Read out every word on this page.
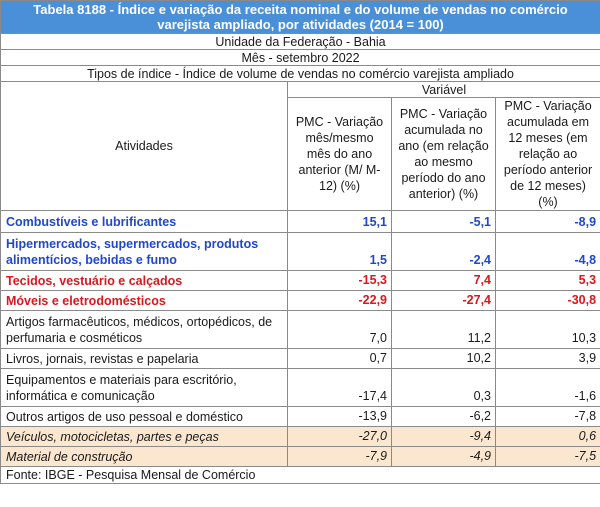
Tabela 8188 - Índice e variação da receita nominal e do volume de vendas no comércio varejista ampliado, por atividades (2014 = 100)			
Unidade da Federação - Bahia			
Mês - setembro 2022			
Tipos de índice - Índice de volume de vendas no comércio varejista ampliado			
Atividades	Variável		
	PMC - Variação mês/mesmo mês do ano anterior (M/ M-12) (%)	PMC - Variação acumulada no ano (em relação ao mesmo período do ano anterior) (%)	PMC - Variação acumulada em 12 meses (em relação ao período anterior de 12 meses) (%)
Combustíveis e lubrificantes	15,1	-5,1	-8,9
Hipermercados, supermercados, produtos alimentícios, bebidas e fumo	1,5	-2,4	-4,8
Tecidos, vestuário e calçados	-15,3	7,4	5,3
Móveis e eletrodomésticos	-22,9	-27,4	-30,8
Artigos farmacêuticos, médicos, ortopédicos, de perfumaria e cosméticos	7,0	11,2	10,3
Livros, jornais, revistas e papelaria	0,7	10,2	3,9
Equipamentos e materiais para escritório, informática e comunicação	-17,4	0,3	-1,6
Outros artigos de uso pessoal e doméstico	-13,9	-6,2	-7,8
Veículos, motocicletas, partes e peças	-27,0	-9,4	0,6
Material de construção	-7,9	-4,9	-7,5
Fonte: IBGE - Pesquisa Mensal de Comércio			
